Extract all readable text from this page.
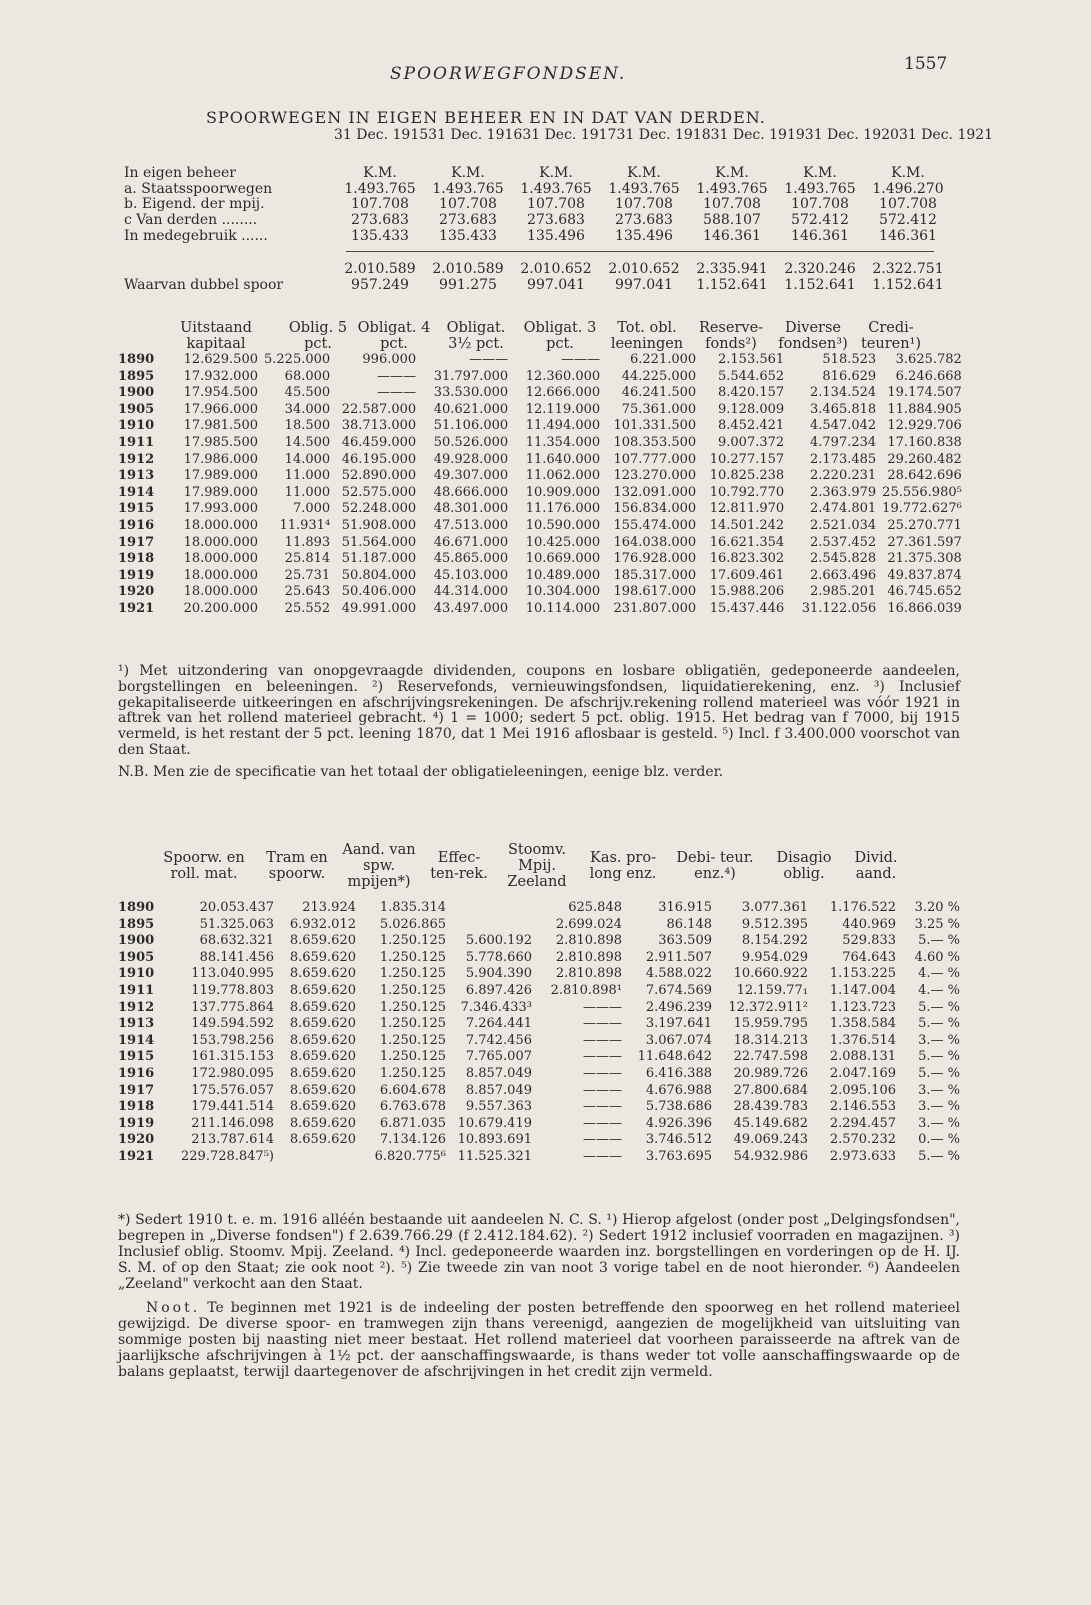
SPOORWEGFONDSEN.	1557
SPOORWEGEN IN EIGEN BEHEER EN IN DAT VAN DERDEN.
	31 Dec. 1915	31 Dec. 1916	31 Dec. 1917	31 Dec. 1918	31 Dec. 1919	31 Dec. 1920	31 Dec. 1921
In eigen beheer	K.M.	K.M.	K.M.	K.M.	K.M.	K.M.	K.M.
a. Staatsspoorwegen	1.493.765	1.493.765	1.493.765	1.493.765	1.493.765	1.493.765	1.496.270
b. Eigend. der mpij.	107.708	107.708	107.708	107.708	107.708	107.708	107.708
c Van derden ........	273.683	273.683	273.683	273.683	588.107	572.412	572.412
In medegebruik ......	135.433	135.433	135.496	135.496	146.361	146.361	146.361
	2.010.589	2.010.589	2.010.652	2.010.652	2.335.941	2.320.246	2.322.751
Waarvan dubbel spoor	957.249	991.275	997.041	997.041	1.152.641	1.152.641	1.152.641
Uitstaand kapitaal	Oblig. 5 pct.	Obligat. 4 pct.	Obligat. 3½ pct.	Obligat. 3 pct.	Tot. obl. leeningen	Reserve- fonds²)	Diverse fondsen³)	Credi- teuren¹)
1890	12.629.500	5.225.000	996.000	———	———	6.221.000	2.153.561	518.523	3.625.782
1895	17.932.000	68.000	———	31.797.000	12.360.000	44.225.000	5.544.652	816.629	6.246.668
1900	17.954.500	45.500	———	33.530.000	12.666.000	46.241.500	8.420.157	2.134.524	19.174.507
1905	17.966.000	34.000	22.587.000	40.621.000	12.119.000	75.361.000	9.128.009	3.465.818	11.884.905
1910	17.981.500	18.500	38.713.000	51.106.000	11.494.000	101.331.500	8.452.421	4.547.042	12.929.706
1911	17.985.500	14.500	46.459.000	50.526.000	11.354.000	108.353.500	9.007.372	4.797.234	17.160.838
1912	17.986.000	14.000	46.195.000	49.928.000	11.640.000	107.777.000	10.277.157	2.173.485	29.260.482
1913	17.989.000	11.000	52.890.000	49.307.000	11.062.000	123.270.000	10.825.238	2.220.231	28.642.696
1914	17.989.000	11.000	52.575.000	48.666.000	10.909.000	132.091.000	10.792.770	2.363.979	25.556.980⁵
1915	17.993.000	7.000	52.248.000	48.301.000	11.176.000	156.834.000	12.811.970	2.474.801	19.772.627⁶
1916	18.000.000	11.931⁴	51.908.000	47.513.000	10.590.000	155.474.000	14.501.242	2.521.034	25.270.771
1917	18.000.000	11.893	51.564.000	46.671.000	10.425.000	164.038.000	16.621.354	2.537.452	27.361.597
1918	18.000.000	25.814	51.187.000	45.865.000	10.669.000	176.928.000	16.823.302	2.545.828	21.375.308
1919	18.000.000	25.731	50.804.000	45.103.000	10.489.000	185.317.000	17.609.461	2.663.496	49.837.874
1920	18.000.000	25.643	50.406.000	44.314.000	10.304.000	198.617.000	15.988.206	2.985.201	46.745.652
1921	20.200.000	25.552	49.991.000	43.497.000	10.114.000	231.807.000	15.437.446	31.122.056	16.866.039

¹) Met uitzondering van onopgevraagde dividenden, coupons en losbare obligatiën, gedeponeerde aandeelen, borgstellingen en beleeningen. ²) Reservefonds, vernieuwingsfondsen, liquidatierekening, enz. ³) Inclusief gekapitaliseerde uitkeeringen en afschrijvingsrekeningen. De afschrijv.rekening rollend materieel was vóór 1921 in aftrek van het rollend materieel gebracht. ⁴) 1 = 1000; sedert 5 pct. oblig. 1915. Het bedrag van f 7000, bij 1915 vermeld, is het restant der 5 pct. leening 1870, dat 1 Mei 1916 aflosbaar is gesteld. ⁵) Incl. f 3.400.000 voorschot van den Staat.

N.B. Men zie de specificatie van het totaal der obligatieleeningen, eenige blz. verder.

Spoorw. en roll. mat.	Tram en spoorw.	Aand. van spw. mpijen*)	Effec- ten-rek.	Stoomv. Mpij. Zeeland	Kas. pro- long enz.	Debi- teur. enz.⁴)	Disagio oblig.	Divid. aand.
1890	20.053.437	213.924	1.835.314		625.848	316.915	3.077.361	1.176.522	3.20 %
1895	51.325.063	6.932.012	5.026.865		2.699.024	86.148	9.512.395	440.969	3.25 %
1900	68.632.321	8.659.620	1.250.125	5.600.192	2.810.898	363.509	8.154.292	529.833	5.— %
1905	88.141.456	8.659.620	1.250.125	5.778.660	2.810.898	2.911.507	9.954.029	764.643	4.60 %
1910	113.040.995	8.659.620	1.250.125	5.904.390	2.810.898	4.588.022	10.660.922	1.153.225	4.— %
1911	119.778.803	8.659.620	1.250.125	6.897.426	2.810.898¹	7.674.569	12.159.77₁	1.147.004	4.— %
1912	137.775.864	8.659.620	1.250.125	7.346.433³	———	2.496.239	12.372.911²	1.123.723	5.— %
1913	149.594.592	8.659.620	1.250.125	7.264.441	———	3.197.641	15.959.795	1.358.584	5.— %
1914	153.798.256	8.659.620	1.250.125	7.742.456	———	3.067.074	18.314.213	1.376.514	3.— %
1915	161.315.153	8.659.620	1.250.125	7.765.007	———	11.648.642	22.747.598	2.088.131	5.— %
1916	172.980.095	8.659.620	1.250.125	8.857.049	———	6.416.388	20.989.726	2.047.169	5.— %
1917	175.576.057	8.659.620	6.604.678	8.857.049	———	4.676.988	27.800.684	2.095.106	3.— %
1918	179.441.514	8.659.620	6.763.678	9.557.363	———	5.738.686	28.439.783	2.146.553	3.— %
1919	211.146.098	8.659.620	6.871.035	10.679.419	———	4.926.396	45.149.682	2.294.457	3.— %
1920	213.787.614	8.659.620	7.134.126	10.893.691	———	3.746.512	49.069.243	2.570.232	0.— %
1921	229.728.847⁵)		6.820.775⁶	11.525.321	———	3.763.695	54.932.986	2.973.633	5.— %

*) Sedert 1910 t. e. m. 1916 alléén bestaande uit aandeelen N. C. S. ¹) Hierop afgelost (onder post „Delgingsfondsen", begrepen in „Diverse fondsen") f 2.639.766.29 (f 2.412.184.62). ²) Sedert 1912 inclusief voorraden en magazijnen. ³) Inclusief oblig. Stoomv. Mpij. Zeeland. ⁴) Incl. gedeponeerde waarden inz. borgstellingen en vorderingen op de H. IJ. S. M. of op den Staat; zie ook noot ²). ⁵) Zie tweede zin van noot 3 vorige tabel en de noot hieronder. ⁶) Aandeelen „Zeeland" verkocht aan den Staat.

Noot. Te beginnen met 1921 is de indeeling der posten betreffende den spoorweg en het rollend materieel gewijzigd. De diverse spoor- en tramwegen zijn thans vereenigd, aangezien de mogelijkheid van uitsluiting van sommige posten bij naasting niet meer bestaat. Het rollend materieel dat voorheen paraisseerde na aftrek van de jaarlijksche afschrijvingen à 1½ pct. der aanschaffingswaarde, is thans weder tot volle aanschaffingswaarde op de balans geplaatst, terwijl daartegenover de afschrijvingen in het credit zijn vermeld.
